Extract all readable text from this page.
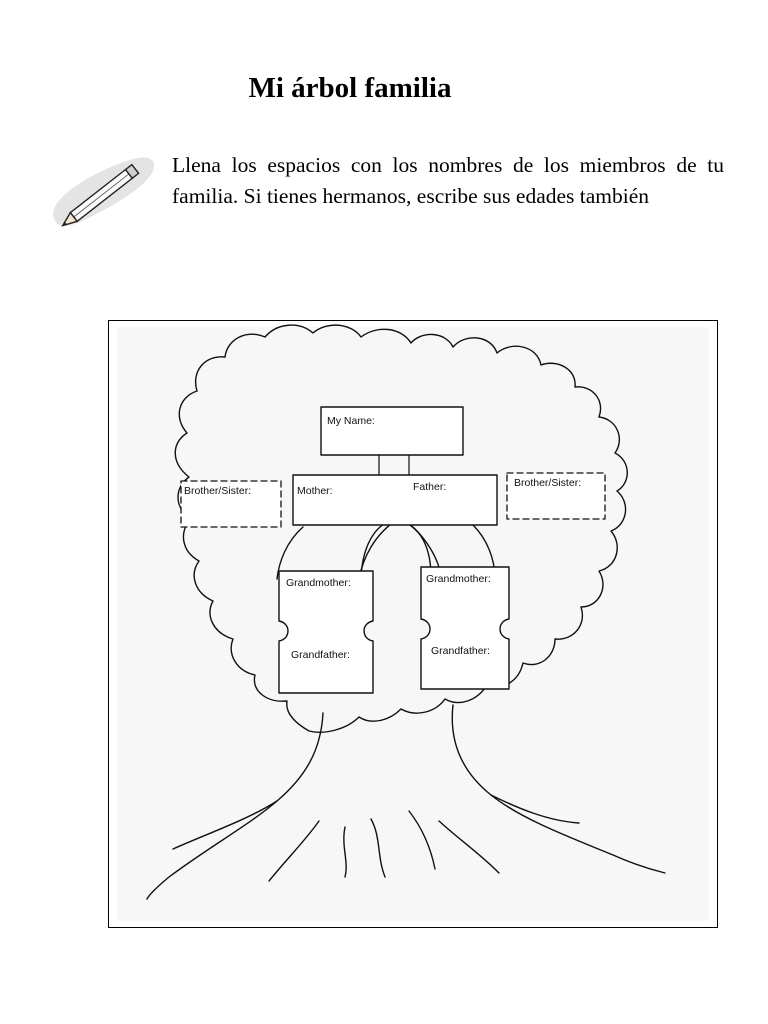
Mi árbol familia
Llena los espacios con los nombres de los miembros de tu familia. Si tienes hermanos, escribe sus edades también
My Name:
Mother:	Father:
Brother/Sister:
Brother/Sister:
Grandmother:
Grandfather:
Grandmother:
Grandfather:
